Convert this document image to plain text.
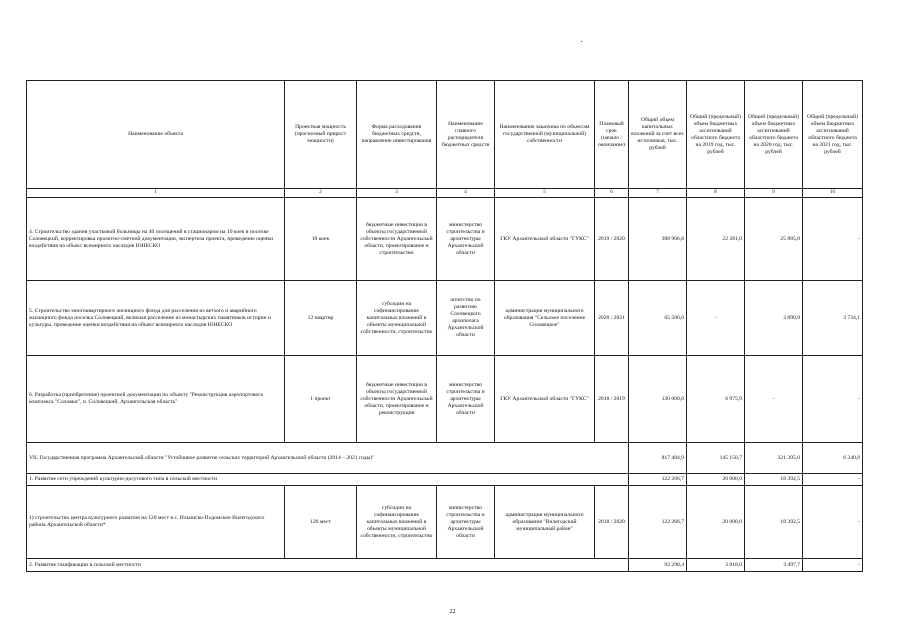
Наименование объекта	Проектная мощность (прогнозный прирост мощности)	Форма расходования бюджетных средств, направление инвестирования	Наименование главного распорядителя бюджетных средств	Наименование заказчика по объектам государственной (муниципальной) собственности	Плановый срок (начало / окончание)	Общий объем капитальных вложений за счет всех источников, тыс. рублей	Общий (предельный) объем бюджетных ассигнований областного бюджета на 2019 год, тыс. рублей	Общий (предельный) объем бюджетных ассигнований областного бюджета на 2020 год, тыс. рублей	Общий (предельный) объем бюджетных ассигнований областного бюджета на 2021 год, тыс. рублей
1	2	3	4	5	6	7	8	9	10
4. Строительство здания участковой больницы на 40 посещений в стационаром на 10 коек в поселке Соловецкий, корректировка проектно-сметной документации, экспертиза проекта, проведение оценки воздействия на объект всемирного наследия ЮНЕСКО	10 коек	бюджетные инвестиции в объекты государственной собственности Архангельской области, проектирование и строительство	министерство строительства и архитектуры Архангельской области	ГКУ Архангельской области "ГУКС"	2019 / 2020	388 906,8	22 281,0	25 885,0	-
5. Строительство многоквартирного жилищного фонда для расселения из ветхого и аварийного жилищного фонда поселка Соловецкий, включая расселение из монастырских памятников истории и культуры, проведение оценки воздействия на объект всемирного наследия ЮНЕСКО	12 квартир	субсидии на софинансирование капитальных вложений в объекты муниципальной собственности, строительство	агентство по развитию Соловецкого архипелага Архангельской области	администрация муниципального образования "Сельское поселение Соловецкое"	2020 / 2021	65 506,0	-	3 890,9	3 734,1
6. Разработка (приобретение) проектной документации по объекту "Реконструкция аэропортового комплекса "Соловки", п. Соловецкий, Архангельская область"	1 проект	бюджетные инвестиции в объекты государственной собственности Архангельской области, проектирование и реконструкция	министерство строительства и архитектуры Архангельской области	ГКУ Архангельской области "ГУКС"	2018 / 2019	130 000,0	6 975,9	-	-
VII. Государственная программа Архангельской области "Устойчивое развитие сельских территорий Архангельской области (2014 – 2021 годы)"						817 484,9	145 150,7	321 395,0	6 340,8
1. Развитие сети учреждений культурно-досугового типа в сельской местности						122 266,7	20 000,0	18 392,5	-
1) строительство центра культурного развития на 120 мест в с. Ильинско-Подомское Вилегодского района Архангельской области*	120 мест	субсидии на софинансирование капитальных вложений в объекты муниципальной собственности, строительство	министерство строительства и архитектуры Архангельской области	администрация муниципального образования "Вилегодский муниципальный район"	2018 / 2020	122 266,7	20 000,0	18 392,5	-
2. Развитие газификации в сельской местности						92 298,4	3 018,0	3 497,7	-
22
